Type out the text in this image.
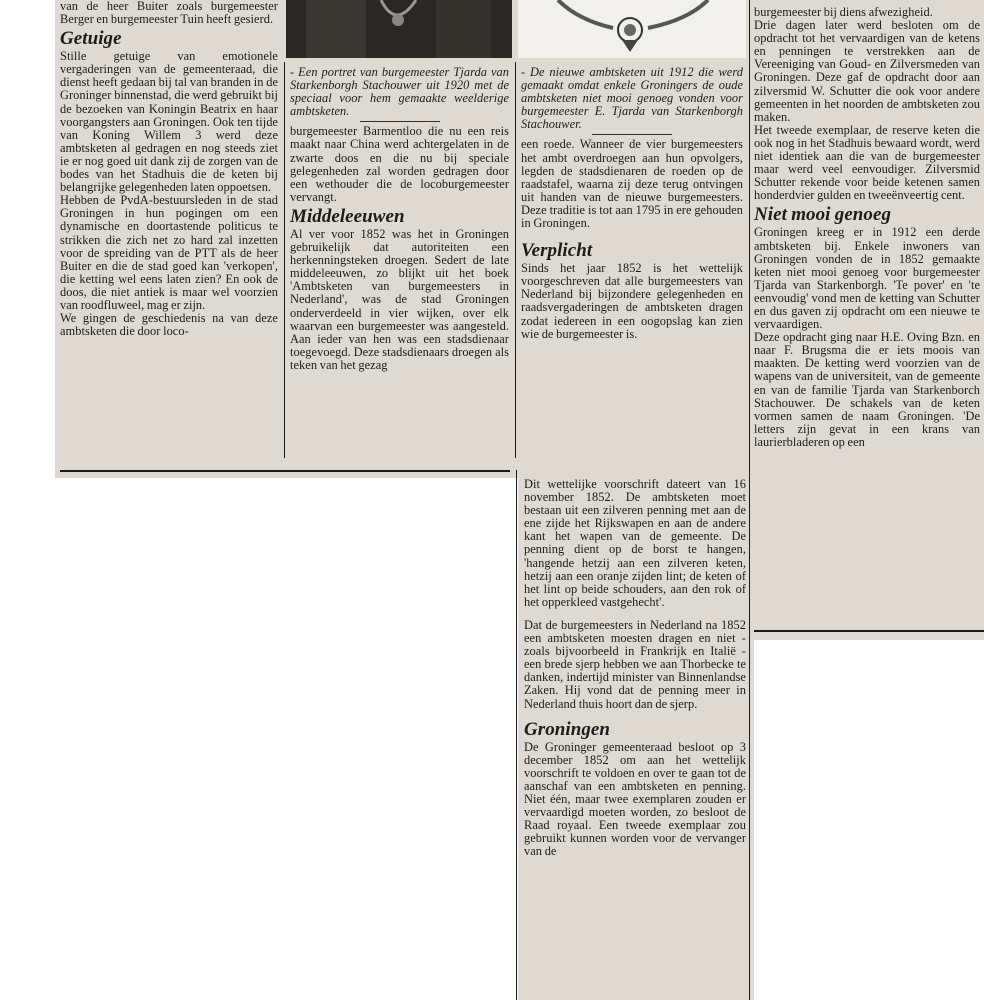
van de heer Buiter zoals burgemeester Berger en burgemeester Tuin heeft gesierd.

Getuige

Stille getuige van emotionele vergaderingen van de gemeenteraad, die dienst heeft gedaan bij tal van branden in de Groninger binnenstad, die werd gebruikt bij de bezoeken van Koningin Beatrix en haar voorgangsters aan Groningen. Ook ten tijde van Koning Willem 3 werd deze ambtsketen al gedragen en nog steeds ziet ie er nog goed uit dank zij de zorgen van de bodes van het Stadhuis die de keten bij belangrijke gelegenheden laten oppoetsen.

Hebben de PvdA-bestuursleden in de stad Groningen in hun pogingen om een dynamische en doortastende politicus te strikken die zich net zo hard zal inzetten voor de spreiding van de PTT als de heer Buiter en die de stad goed kan 'verkopen', die ketting wel eens laten zien? En ook de doos, die niet antiek is maar wel voorzien van roodfluweel, mag er zijn.

We gingen de geschiedenis na van deze ambtsketen die door loco-

- Een portret van burgemeester Tjarda van Starkenborgh Stachouwer uit 1920 met de speciaal voor hem gemaakte weelderige ambtsketen.

burgemeester Barmentloo die nu een reis maakt naar China werd achtergelaten in de zwarte doos en die nu bij speciale gelegenheden zal worden gedragen door een wethouder die de locoburgemeester vervangt.

Middeleeuwen

Al ver voor 1852 was het in Groningen gebruikelijk dat autoriteiten een herkenningsteken droegen. Sedert de late middeleeuwen, zo blijkt uit het boek 'Ambtsketen van burgemeesters in Nederland', was de stad Groningen onderverdeeld in vier wijken, over elk waarvan een burgemeester was aangesteld. Aan ieder van hen was een stadsdienaar toegevoegd. Deze stadsdienaars droegen als teken van het gezag

- De nieuwe ambtsketen uit 1912 die werd gemaakt omdat enkele Groningers de oude ambtsketen niet mooi genoeg vonden voor burgemeester E. Tjarda van Starkenborgh Stachouwer.

een roede. Wanneer de vier burgemeesters het ambt overdroegen aan hun opvolgers, legden de stadsdienaren de roeden op de raadstafel, waarna zij deze terug ontvingen uit handen van de nieuwe burgemeesters. Deze traditie is tot aan 1795 in ere gehouden in Groningen.

Verplicht

Sinds het jaar 1852 is het wettelijk voorgeschreven dat alle burgemeesters van Nederland bij bijzondere gelegenheden en raadsvergaderingen de ambtsketen dragen zodat iedereen in een oogopslag kan zien wie de burgemeester is.

Dit wettelijke voorschrift dateert van 16 november 1852. De ambtsketen moet bestaan uit een zilveren penning met aan de ene zijde het Rijkswapen en aan de andere kant het wapen van de gemeente. De penning dient op de borst te hangen, 'hangende hetzij aan een zilveren keten, hetzij aan een oranje zijden lint; de keten of het lint op beide schouders, aan den rok of het opperkleed vastgehecht'.

Dat de burgemeesters in Nederland na 1852 een ambtsketen moesten dragen en niet - zoals bijvoorbeeld in Frankrijk en Italië - een brede sjerp hebben we aan Thorbecke te danken, indertijd minister van Binnenlandse Zaken. Hij vond dat de penning meer in Nederland thuis hoort dan de sjerp.

Groningen

De Groninger gemeenteraad besloot op 3 december 1852 om aan het wettelijk voorschrift te voldoen en over te gaan tot de aanschaf van een ambtsketen en penning. Niet één, maar twee exemplaren zouden er vervaardigd moeten worden, zo besloot de Raad royaal. Een tweede exemplaar zou gebruikt kunnen worden voor de vervanger van de

burgemeester bij diens afwezigheid.

Drie dagen later werd besloten om de opdracht tot het vervaardigen van de ketens en penningen te verstrekken aan de Vereeniging van Goud- en Zilversmeden van Groningen. Deze gaf de opdracht door aan zilversmid W. Schutter die ook voor andere gemeenten in het noorden de ambtsketen zou maken.

Het tweede exemplaar, de reserve keten die ook nog in het Stadhuis bewaard wordt, werd niet identiek aan die van de burgemeester maar werd veel eenvoudiger. Zilversmid Schutter rekende voor beide ketenen samen honderdvier gulden en tweeënveertig cent.

Niet mooi genoeg

Groningen kreeg er in 1912 een derde ambtsketen bij. Enkele inwoners van Groningen vonden de in 1852 gemaakte keten niet mooi genoeg voor burgemeester Tjarda van Starkenborgh. 'Te pover' en 'te eenvoudig' vond men de ketting van Schutter en dus gaven zij opdracht om een nieuwe te vervaardigen.

Deze opdracht ging naar H.E. Oving Bzn. en naar F. Brugsma die er iets moois van maakten. De ketting werd voorzien van de wapens van de universiteit, van de gemeente en van de familie Tjarda van Starkenborch Stachouwer. De schakels van de keten vormen samen de naam Groningen. 'De letters zijn gevat in een krans van laurierbladeren op een
